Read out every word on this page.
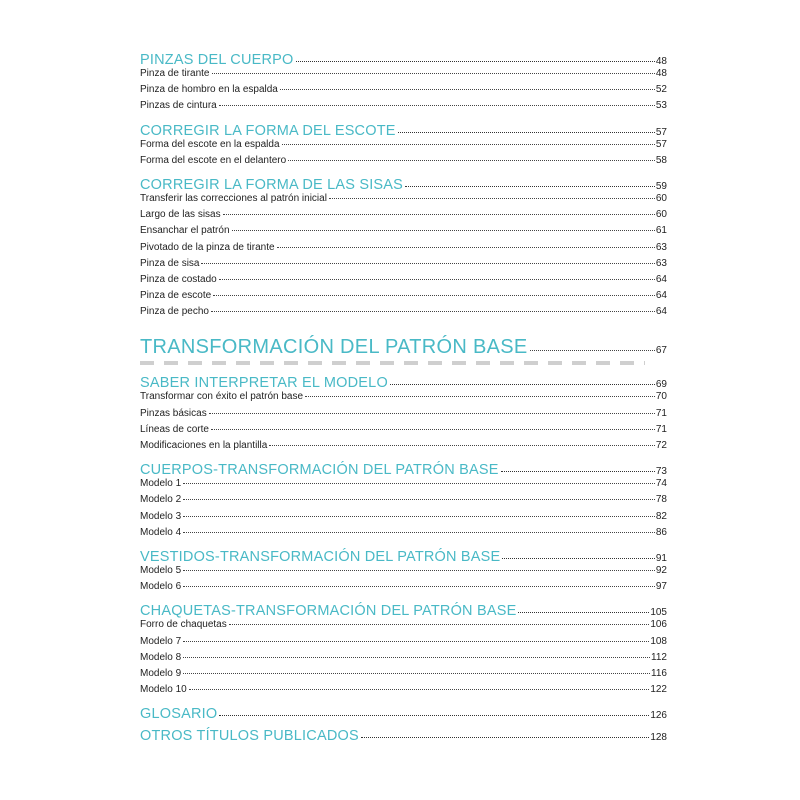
PINZAS DEL CUERPO	48
Pinza de tirante	48
Pinza de hombro en la espalda	52
Pinzas de cintura	53
CORREGIR LA FORMA DEL ESCOTE	57
Forma del escote en la espalda	57
Forma del escote en el delantero	58
CORREGIR LA FORMA DE LAS SISAS	59
Transferir las correcciones al patrón inicial	60
Largo de las sisas	60
Ensanchar el patrón	61
Pivotado de la pinza de tirante	63
Pinza de sisa	63
Pinza de costado	64
Pinza de escote	64
Pinza de pecho	64
TRANSFORMACIÓN DEL PATRÓN BASE	67
SABER INTERPRETAR EL MODELO	69
Transformar con éxito el patrón base	70
Pinzas básicas	71
Líneas de corte	71
Modificaciones en la plantilla	72
CUERPOS-TRANSFORMACIÓN DEL PATRÓN BASE	73
Modelo 1	74
Modelo 2	78
Modelo 3	82
Modelo 4	86
VESTIDOS-TRANSFORMACIÓN DEL PATRÓN BASE	91
Modelo 5	92
Modelo 6	97
CHAQUETAS-TRANSFORMACIÓN DEL PATRÓN BASE	105
Forro de chaquetas	106
Modelo 7	108
Modelo 8	112
Modelo 9	116
Modelo 10	122
GLOSARIO	126
OTROS TÍTULOS PUBLICADOS	128
